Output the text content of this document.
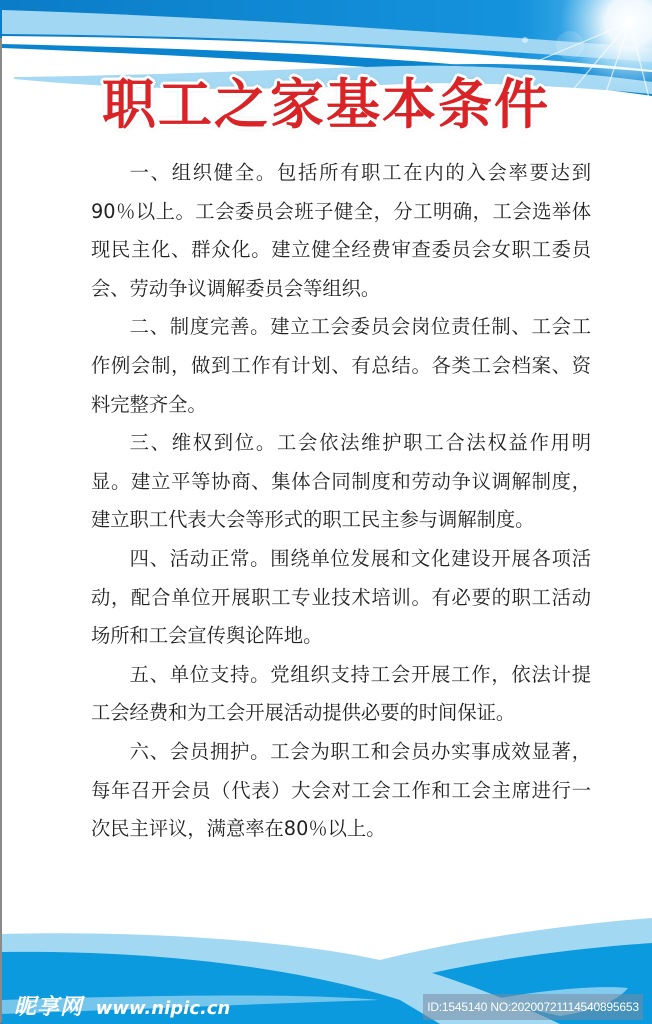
职工之家基本条件

一、组织健全。包括所有职工在内的入会率要达到90％以上。工会委员会班子健全，分工明确，工会选举体现民主化、群众化。建立健全经费审查委员会女职工委员会、劳动争议调解委员会等组织。

二、制度完善。建立工会委员会岗位责任制、工会工作例会制，做到工作有计划、有总结。各类工会档案、资料完整齐全。

三、维权到位。工会依法维护职工合法权益作用明显。建立平等协商、集体合同制度和劳动争议调解制度，建立职工代表大会等形式的职工民主参与调解制度。

四、活动正常。围绕单位发展和文化建设开展各项活动，配合单位开展职工专业技术培训。有必要的职工活动场所和工会宣传舆论阵地。

五、单位支持。党组织支持工会开展工作，依法计提工会经费和为工会开展活动提供必要的时间保证。

六、会员拥护。工会为职工和会员办实事成效显著，每年召开会员（代表）大会对工会工作和工会主席进行一次民主评议，满意率在80％以上。

昵享网 www.nipic.cn	ID:1545140 NO:20200721114540895653
